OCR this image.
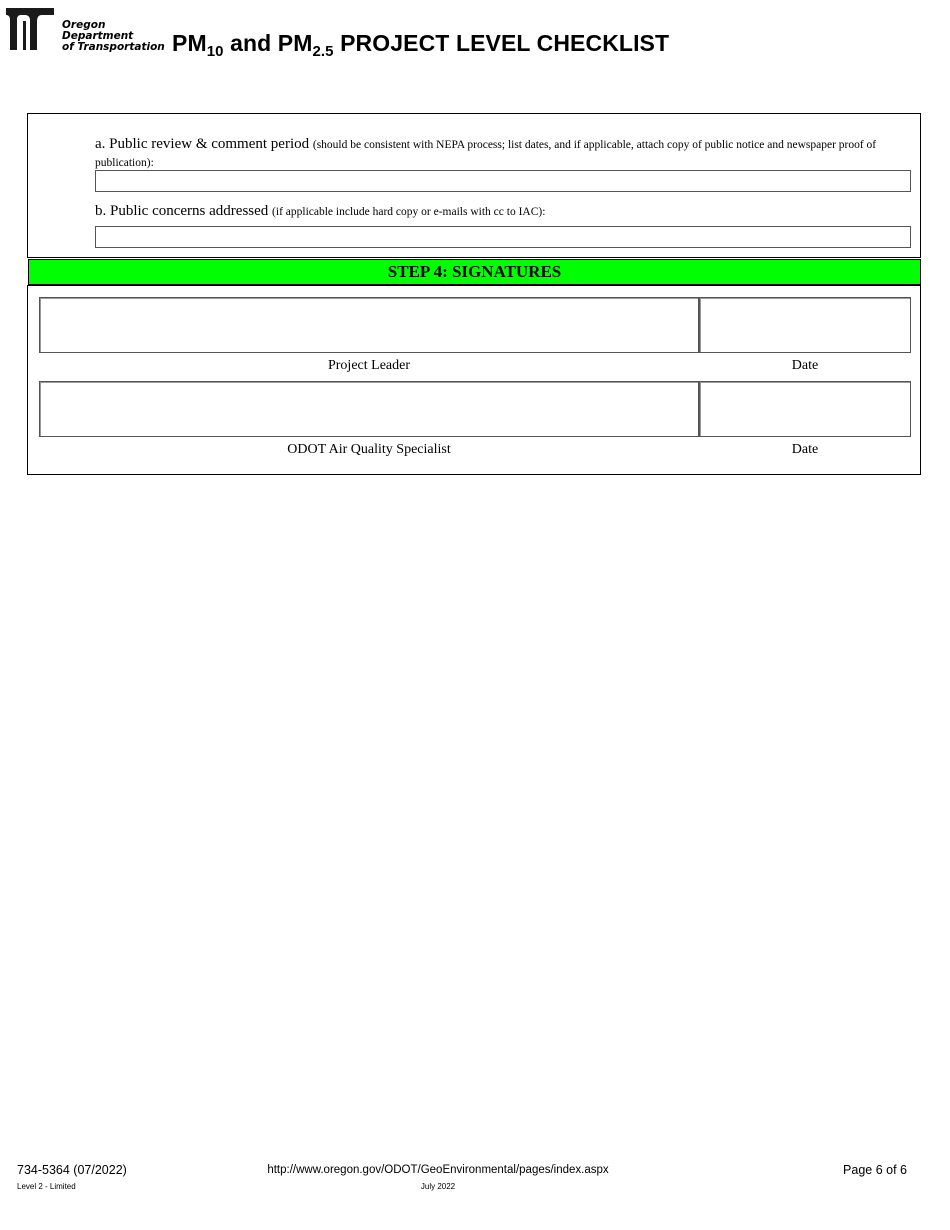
Oregon
Department
of Transportation $PM_{10}$ and $PM_{2.5}$ PROJECT LEVEL CHECKLIST
a. Public review & comment period (should be consistent with NEPA process; list dates, and if applicable, attach copy of public notice and newspaper proof of publication):
b. Public concerns addressed (if applicable include hard copy or e-mails with cc to IAC):
STEP 4: SIGNATURES
Project Leader	Date
ODOT Air Quality Specialist	Date
734-5364 (07/2022)
Level 2 - Limited
http://www.oregon.gov/ODOT/GeoEnvironmental/pages/index.aspx
July 2022
Page 6 of 6
